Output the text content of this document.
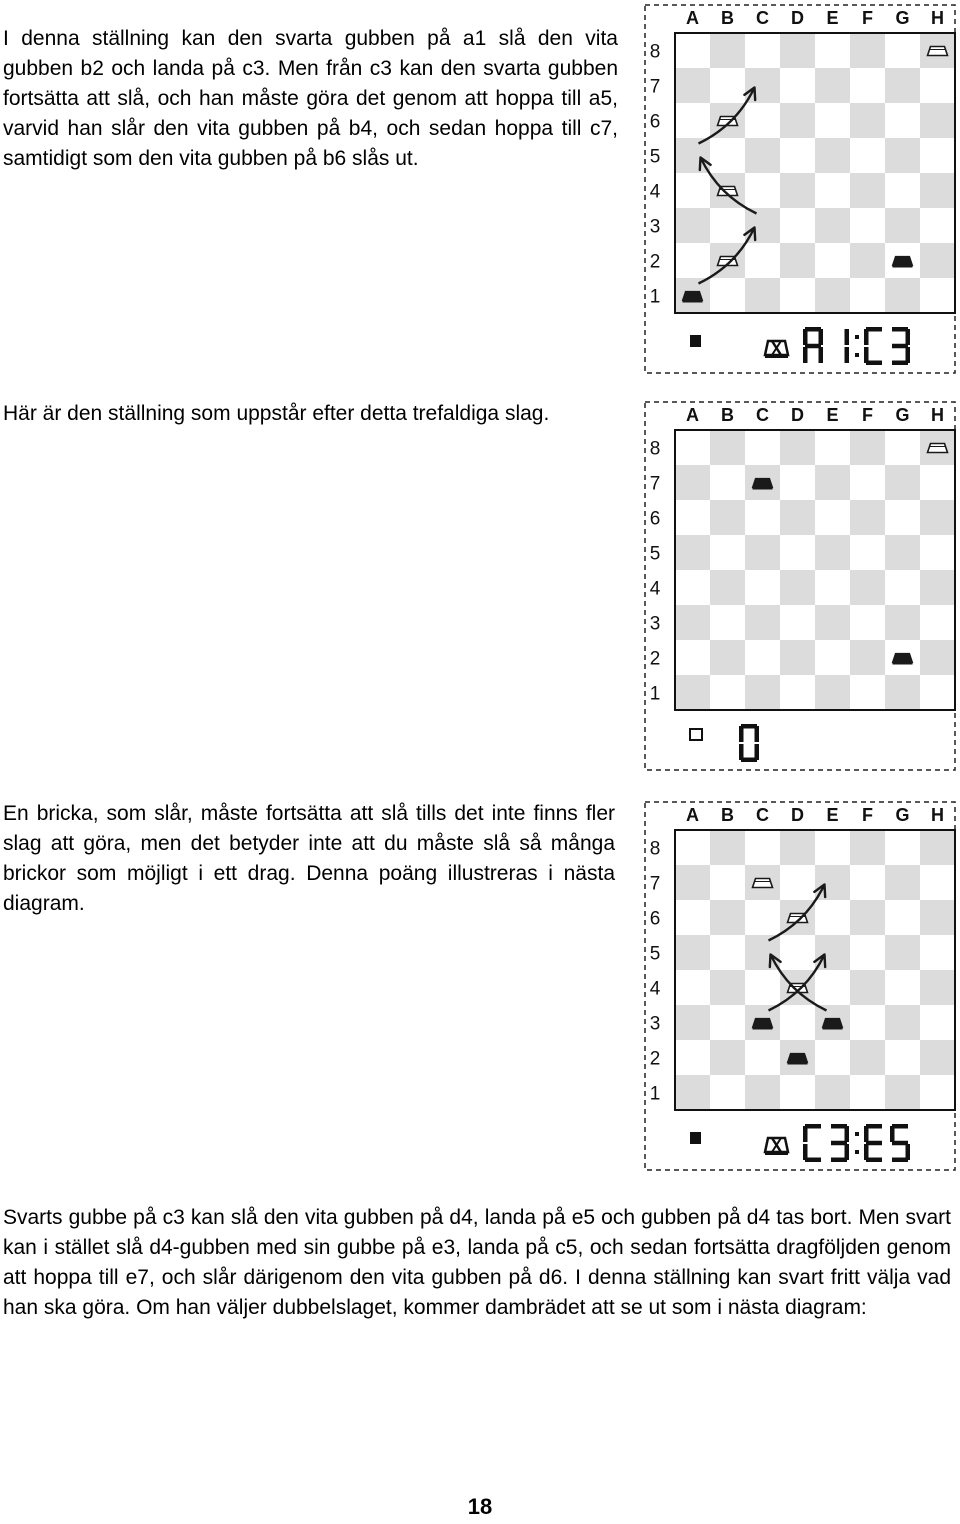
I denna ställning kan den svarta gubben på a1 slå den vita gubben b2 och landa på c3. Men från c3 kan den svarta gubben fortsätta att slå, och han måste göra det genom att hoppa till a5, varvid han slår den vita gubben på b4, och sedan hoppa till c7, samtidigt som den vita gubben på b6 slås ut.

A B C D E F G H
8
7
6
5
4
3
2
1

Här är den ställning som uppstår efter detta trefaldiga slag.	A B C D E F G H
8
7
6
5
4
3
2
1

En bricka, som slår, måste fortsätta att slå tills det inte finns fler slag att göra, men det betyder inte att du måste slå så många brickor som möjligt i ett drag. Denna poäng illustreras i nästa diagram.

A B C D E F G H
8
7
6
5
4
3
2
1

Svarts gubbe på c3 kan slå den vita gubben på d4, landa på e5 och gubben på d4 tas bort. Men svart kan i stället slå d4-gubben med sin gubbe på e3, landa på c5, och sedan fortsätta dragföljden genom att hoppa till e7, och slår därigenom den vita gubben på d6. I denna ställning kan svart fritt välja vad han ska göra. Om han väljer dubbelslaget, kommer dambrädet att se ut som i nästa diagram:

18
